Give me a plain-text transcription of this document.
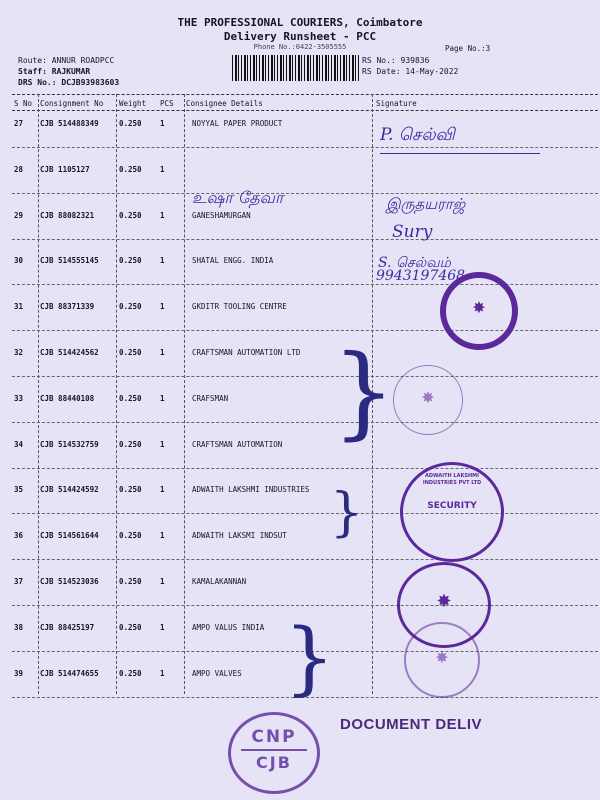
THE PROFESSIONAL COURIERS, Coimbatore
Delivery Runsheet - PCC
Phone No.:0422-3505555	Page No.:3
Route: ANNUR ROADPCC
Staff: RAJKUMAR
DRS No.: DCJB93983603
RS No.: 939836
RS Date: 14-May-2022
S No Consignment No Weight PCS Consignee Details	Signature
27 CJB 514488349	0.250 1	NOYYAL PAPER PRODUCT
28 CJB 1105127	0.250 1
29 CJB 88082321	0.250 1	GANESHAMURGAN
30 CJB 514555145	0.250 1	SHATAL ENGG. INDIA
31 CJB 88371339	0.250 1	GKDITR TOOLING CENTRE
32 CJB 514424562	0.250 1	CRAFTSMAN AUTOMATION LTD
33 CJB 88440108	0.250 1	CRAFSMAN
34 CJB 514532759	0.250 1	CRAFTSMAN AUTOMATION
35 CJB 514424592	0.250 1	ADWAITH LAKSHMI INDUSTRIES
36 CJB 514561644	0.250 1	ADWAITH LAKSMI INDSUT
37 CJB 514523036	0.250 1	KAMALAKANNAN
38 CJB 88425197	0.250 1	AMPO VALUS INDIA
39 CJB 514474655	0.250 1	AMPO VALVES
P. செல்வி
உஷா தேவா	இருதயராஜ்
Sury
S. செல்வம்
9943197468
}
}
}
✸
✸
ADWAITH LAKSHMI INDUSTRIES PVT LTD
SECURITY
✸
✸
CNP
CJB
DOCUMENT DELIV
